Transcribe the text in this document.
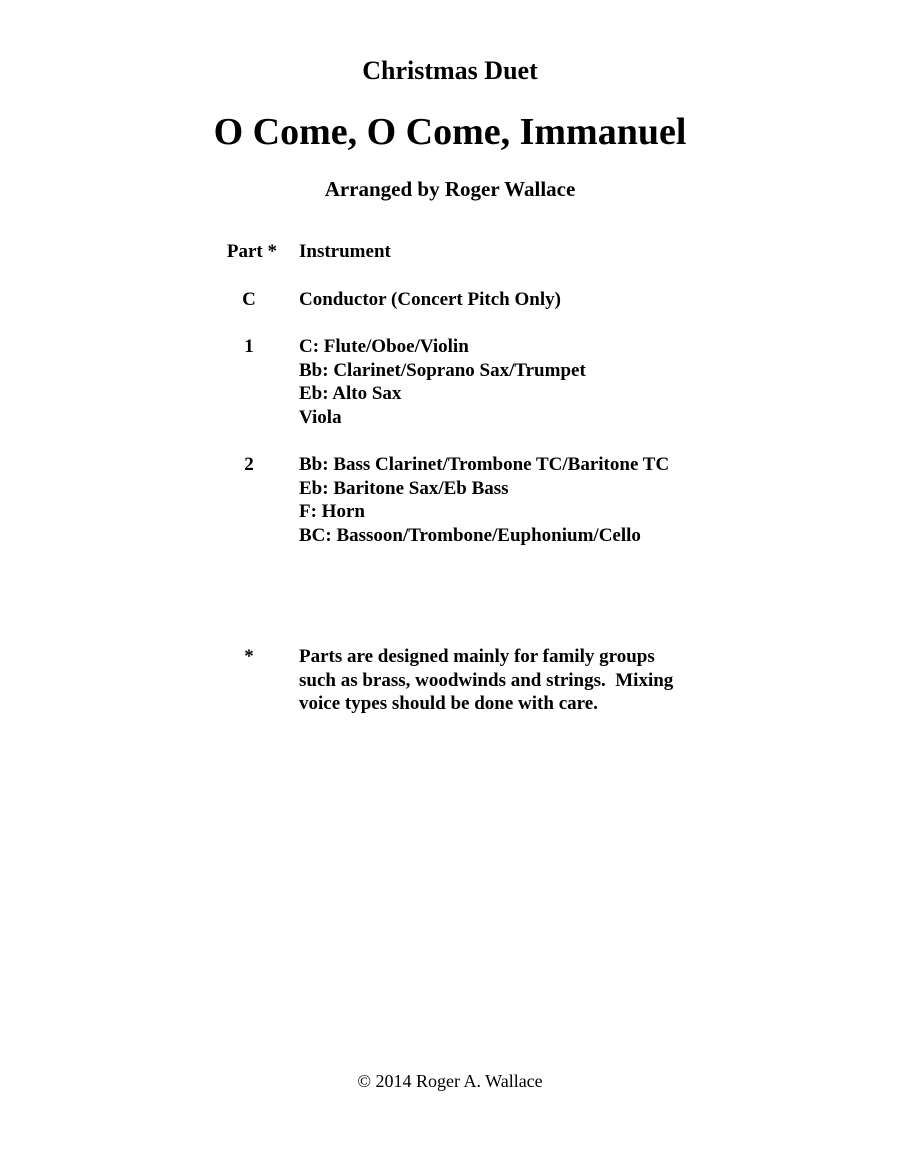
Christmas Duet
O Come, O Come, Immanuel
Arranged by Roger Wallace
Part * Instrument
C	Conductor (Concert Pitch Only)
1	C: Flute/Oboe/Violin
Bb: Clarinet/Soprano Sax/Trumpet
Eb: Alto Sax
Viola
2	Bb: Bass Clarinet/Trombone TC/Baritone TC
Eb: Baritone Sax/Eb Bass
F: Horn
BC: Bassoon/Trombone/Euphonium/Cello
*	Parts are designed mainly for family groups
such as brass, woodwinds and strings.  Mixing
voice types should be done with care.
© 2014 Roger A. Wallace
